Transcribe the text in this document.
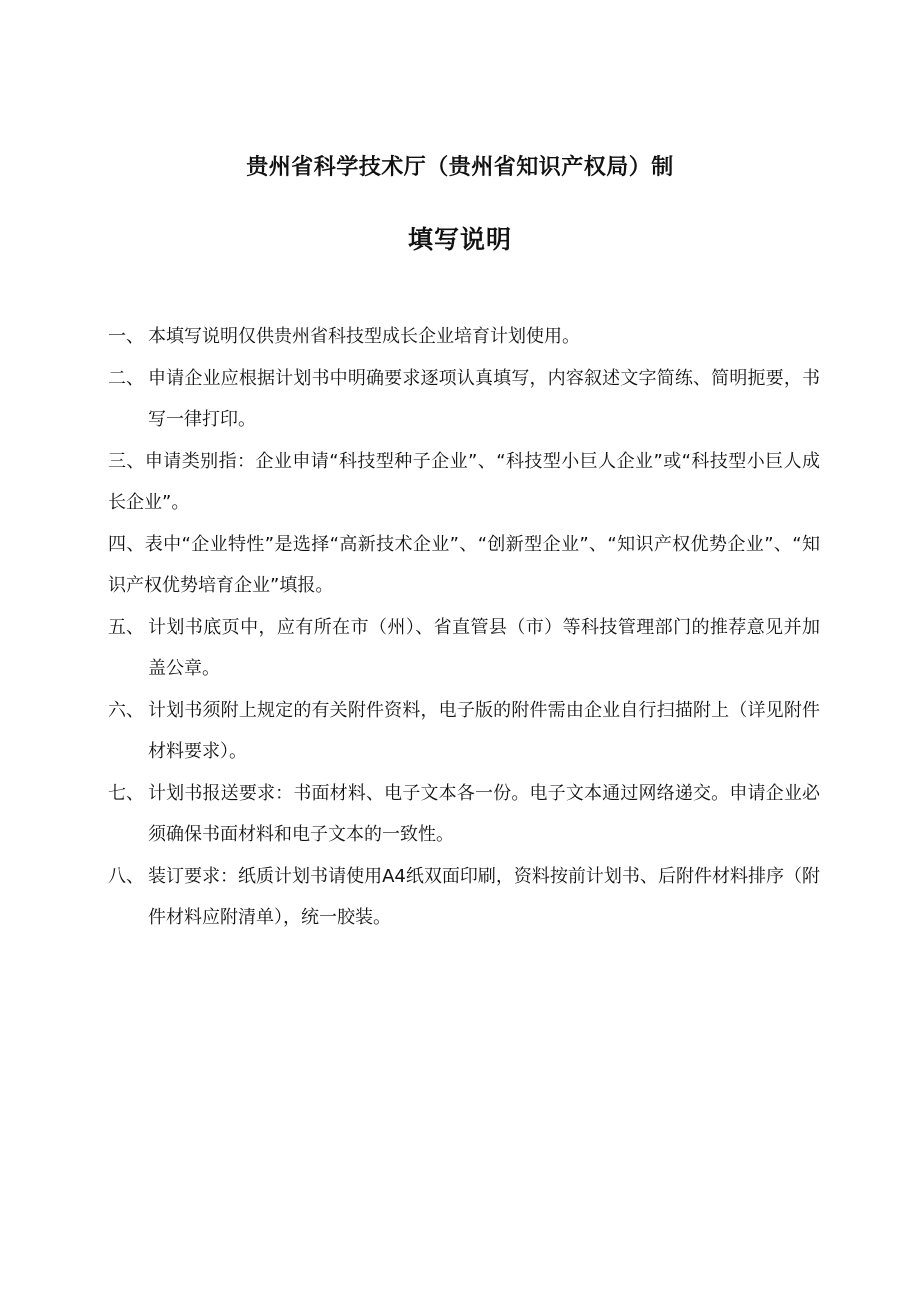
贵州省科学技术厅（贵州省知识产权局）制
填写说明
一、 本填写说明仅供贵州省科技型成长企业培育计划使用。
二、 申请企业应根据计划书中明确要求逐项认真填写，内容叙述文字简练、简明扼要，书写一律打印。
三、申请类别指：企业申请“科技型种子企业”、“科技型小巨人企业”或“科技型小巨人成长企业”。
四、表中“企业特性”是选择“高新技术企业”、“创新型企业”、“知识产权优势企业”、“知识产权优势培育企业”填报。
五、 计划书底页中，应有所在市（州）、省直管县（市）等科技管理部门的推荐意见并加盖公章。
六、 计划书须附上规定的有关附件资料，电子版的附件需由企业自行扫描附上（详见附件材料要求）。
七、 计划书报送要求：书面材料、电子文本各一份。电子文本通过网络递交。申请企业必须确保书面材料和电子文本的一致性。
八、 装订要求：纸质计划书请使用A4纸双面印刷，资料按前计划书、后附件材料排序（附件材料应附清单），统一胶装。
